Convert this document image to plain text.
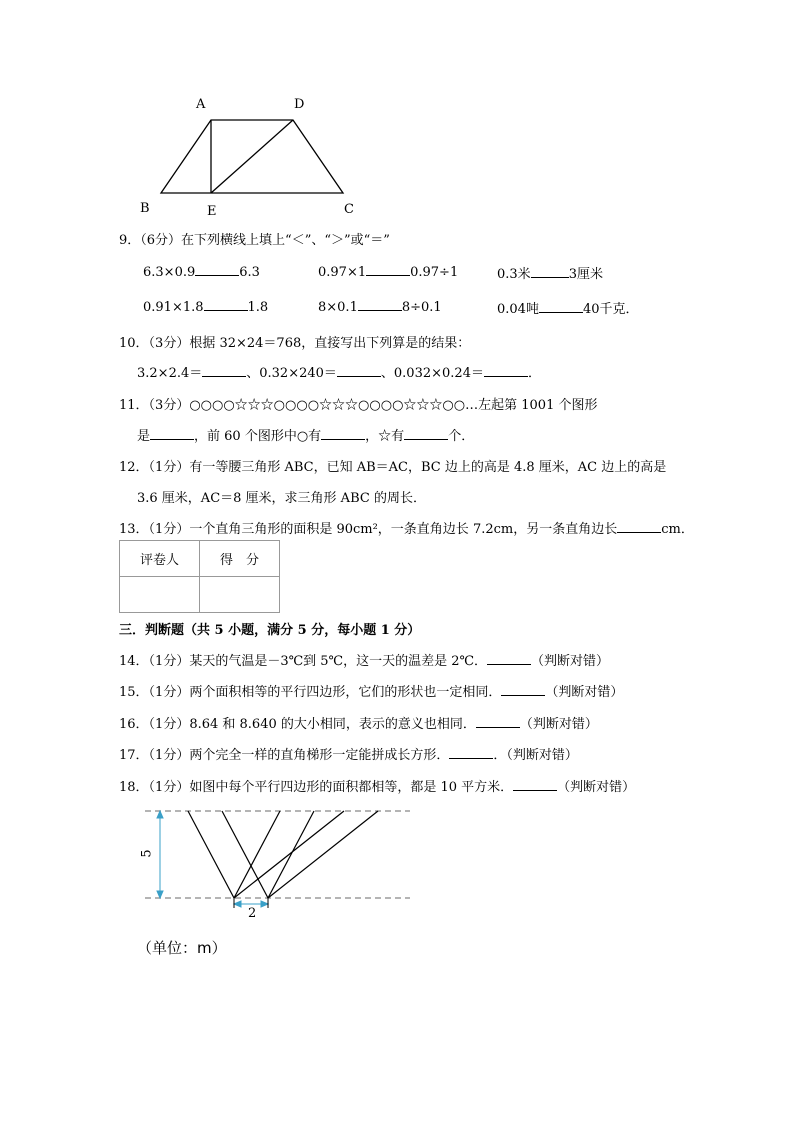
A	D
B	E	C
9．（6分）在下列横线上填上“＜”、“＞”或“＝”
6.3×0.9	6.3	0.97×1	0.97÷1	0.3米	3厘米
0.91×1.8	1.8	8×0.1	8÷0.1	0.04吨	40千克．
10．（3分）根据 32×24＝768，直接写出下列算是的结果：
3.2×2.4＝	、0.32×240＝	、0.032×0.24＝	．
11．（3分）○○○○☆☆☆○○○○☆☆☆○○○○☆☆☆○○…左起第 1001 个图形
是	，前 60 个图形中○有	，☆有	个．
12．（1分）有一等腰三角形 ABC，已知 AB＝AC，BC 边上的高是 4.8 厘米，AC 边上的高是
3.6 厘米，AC＝8 厘米，求三角形 ABC 的周长．
13．（1分）一个直角三角形的面积是 90cm²，一条直角边长 7.2cm，另一条直角边长	cm．
评卷人	得　分

三．判断题（共 5 小题，满分 5 分，每小题 1 分）
14．（1分）某天的气温是－3℃到 5℃，这一天的温差是 2℃．	（判断对错）
15．（1分）两个面积相等的平行四边形，它们的形状也一定相同．	（判断对错）
16．（1分）8.64 和 8.640 的大小相同，表示的意义也相同．	（判断对错）
17．（1分）两个完全一样的直角梯形一定能拼成长方形．	．（判断对错）
18．（1分）如图中每个平行四边形的面积都相等，都是 10 平方米．	（判断对错）
5
2
（单位：m）
